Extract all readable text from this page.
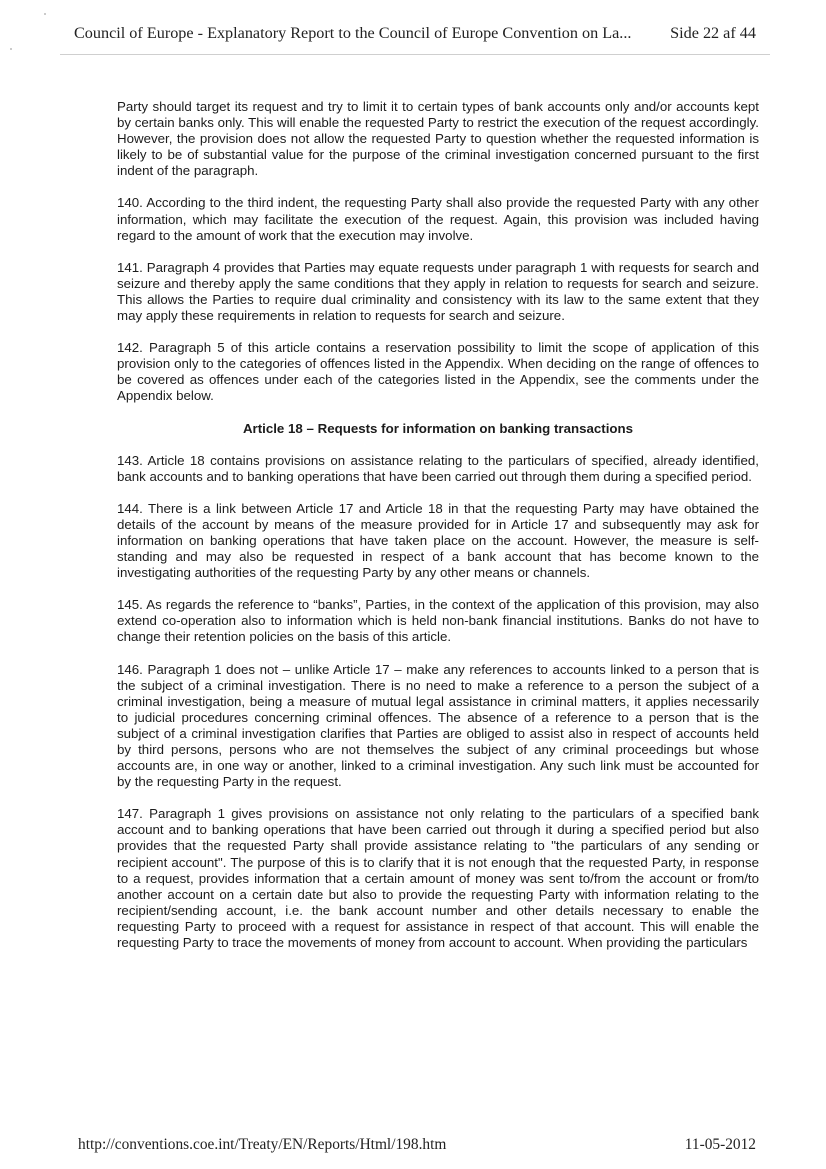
Council of Europe - Explanatory Report to the Council of Europe Convention on La... Side 22 af 44

Party should target its request and try to limit it to certain types of bank accounts only and/or accounts kept by certain banks only. This will enable the requested Party to restrict the execution of the request accordingly. However, the provision does not allow the requested Party to question whether the requested information is likely to be of substantial value for the purpose of the criminal investigation concerned pursuant to the first indent of the paragraph.

140. According to the third indent, the requesting Party shall also provide the requested Party with any other information, which may facilitate the execution of the request. Again, this provision was included having regard to the amount of work that the execution may involve.

141. Paragraph 4 provides that Parties may equate requests under paragraph 1 with requests for search and seizure and thereby apply the same conditions that they apply in relation to requests for search and seizure. This allows the Parties to require dual criminality and consistency with its law to the same extent that they may apply these requirements in relation to requests for search and seizure.

142. Paragraph 5 of this article contains a reservation possibility to limit the scope of application of this provision only to the categories of offences listed in the Appendix. When deciding on the range of offences to be covered as offences under each of the categories listed in the Appendix, see the comments under the Appendix below.

Article 18 – Requests for information on banking transactions

143. Article 18 contains provisions on assistance relating to the particulars of specified, already identified, bank accounts and to banking operations that have been carried out through them during a specified period.

144. There is a link between Article 17 and Article 18 in that the requesting Party may have obtained the details of the account by means of the measure provided for in Article 17 and subsequently may ask for information on banking operations that have taken place on the account. However, the measure is self-standing and may also be requested in respect of a bank account that has become known to the investigating authorities of the requesting Party by any other means or channels.

145. As regards the reference to “banks”, Parties, in the context of the application of this provision, may also extend co-operation also to information which is held non-bank financial institutions. Banks do not have to change their retention policies on the basis of this article.

146. Paragraph 1 does not – unlike Article 17 – make any references to accounts linked to a person that is the subject of a criminal investigation. There is no need to make a reference to a person the subject of a criminal investigation, being a measure of mutual legal assistance in criminal matters, it applies necessarily to judicial procedures concerning criminal offences. The absence of a reference to a person that is the subject of a criminal investigation clarifies that Parties are obliged to assist also in respect of accounts held by third persons, persons who are not themselves the subject of any criminal proceedings but whose accounts are, in one way or another, linked to a criminal investigation. Any such link must be accounted for by the requesting Party in the request.

147. Paragraph 1 gives provisions on assistance not only relating to the particulars of a specified bank account and to banking operations that have been carried out through it during a specified period but also provides that the requested Party shall provide assistance relating to "the particulars of any sending or recipient account". The purpose of this is to clarify that it is not enough that the requested Party, in response to a request, provides information that a certain amount of money was sent to/from the account or from/to another account on a certain date but also to provide the requesting Party with information relating to the recipient/sending account, i.e. the bank account number and other details necessary to enable the requesting Party to proceed with a request for assistance in respect of that account. This will enable the requesting Party to trace the movements of money from account to account. When providing the particulars

http://conventions.coe.int/Treaty/EN/Reports/Html/198.htm	11-05-2012
